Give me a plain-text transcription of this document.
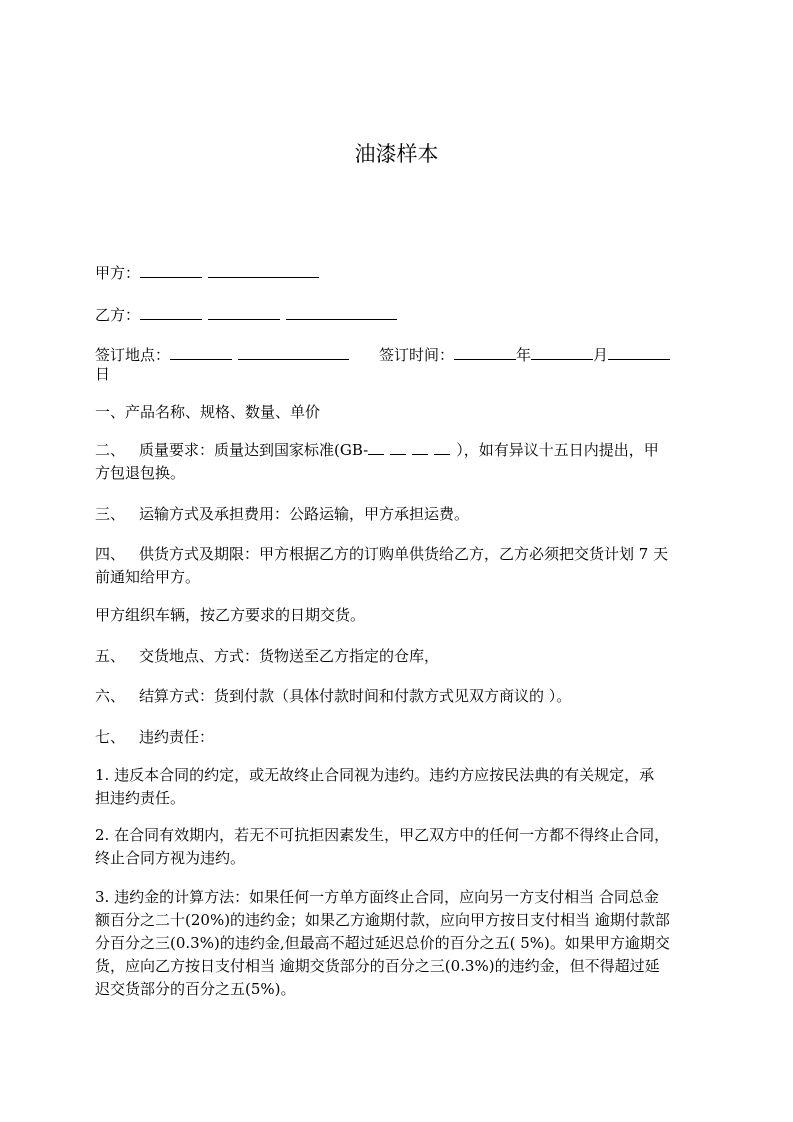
油漆样本
甲方：
乙方：
签订地点：	签订时间：	年	月
日
一、产品名称、规格、数量、单价
二、 质量要求：质量达到国家标准(GB-	），如有异议十五日内提出，甲
方包退包换。
三、 运输方式及承担费用：公路运输，甲方承担运费。
四、 供货方式及期限：甲方根据乙方的订购单供货给乙方，乙方必须把交货计划 7 天
前通知给甲方。
甲方组织车辆，按乙方要求的日期交货。
五、 交货地点、方式：货物送至乙方指定的仓库，
六、 结算方式：货到付款（具体付款时间和付款方式见双方商议的 ）。
七、 违约责任：
1. 违反本合同的约定，或无故终止合同视为违约。违约方应按民法典的有关规定，承
担违约责任。
2. 在合同有效期内，若无不可抗拒因素发生，甲乙双方中的任何一方都不得终止合同，
终止合同方视为违约。
3. 违约金的计算方法：如果任何一方单方面终止合同，应向另一方支付相当 合同总金
额百分之二十(20%)的违约金；如果乙方逾期付款，应向甲方按日支付相当 逾期付款部
分百分之三(0.3%)的违约金,但最高不超过延迟总价的百分之五( 5%)。如果甲方逾期交
货，应向乙方按日支付相当 逾期交货部分的百分之三(0.3%)的违约金，但不得超过延
迟交货部分的百分之五(5%)。
